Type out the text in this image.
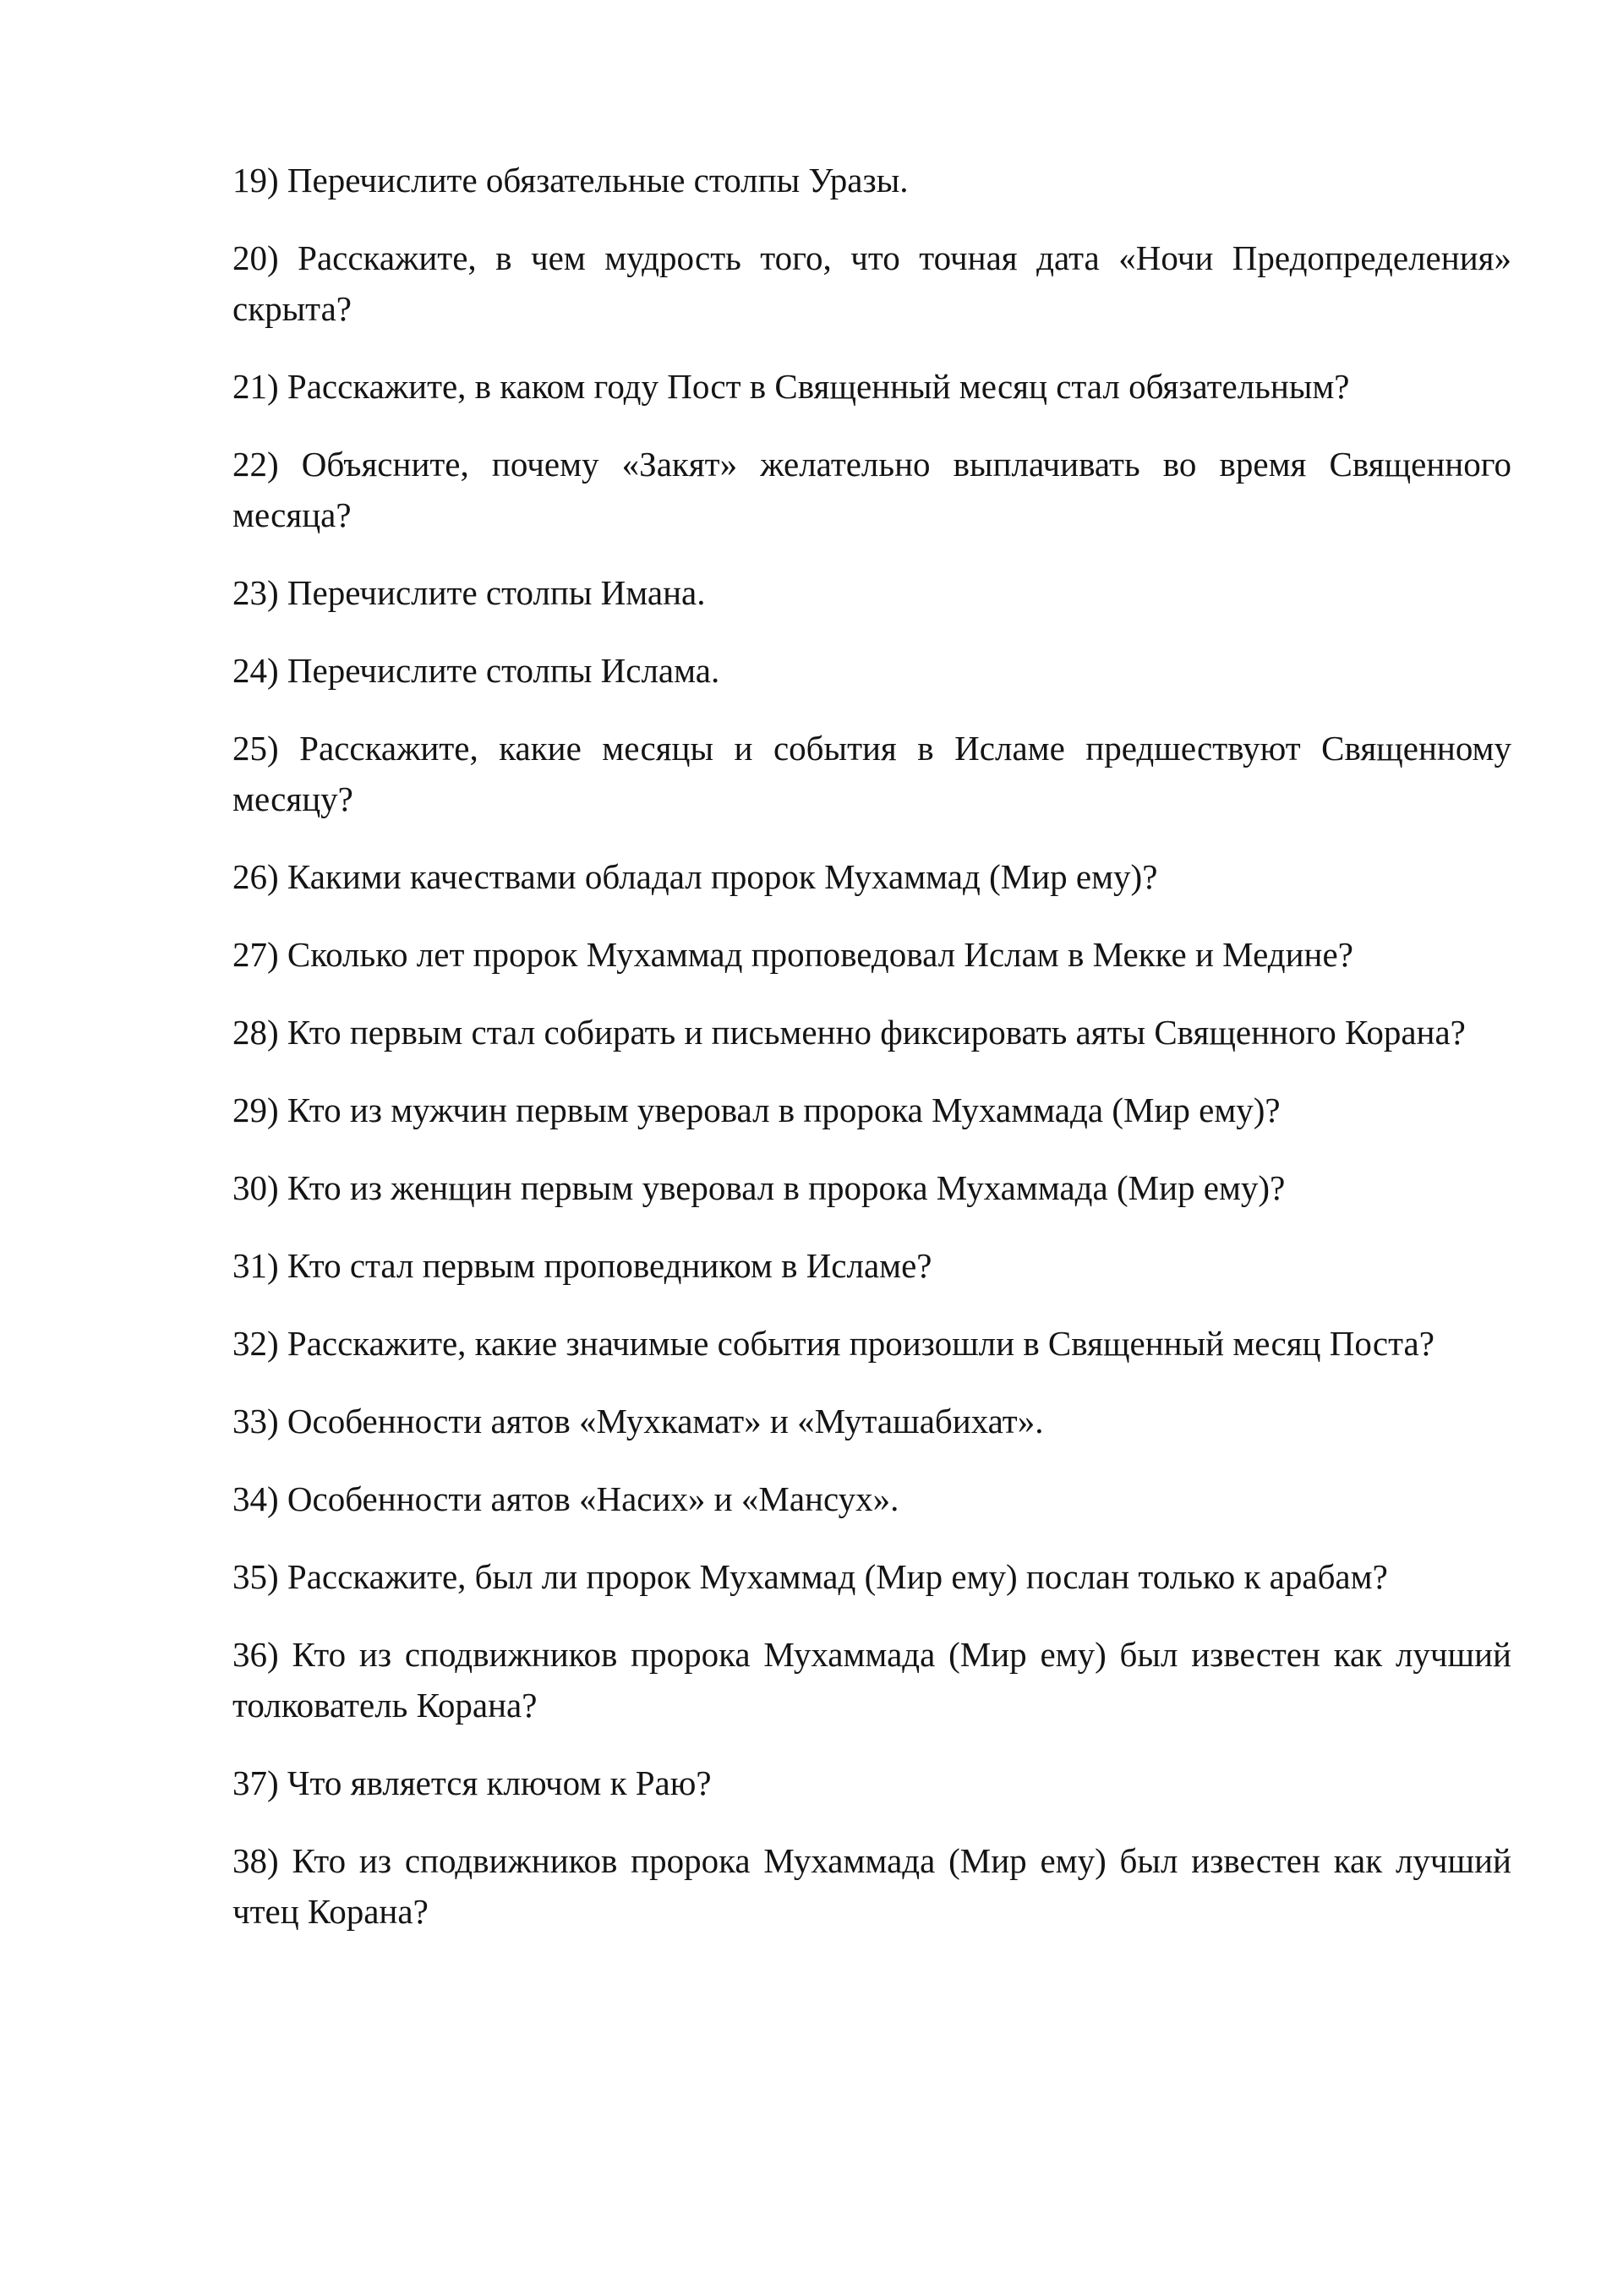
19) Перечислите обязательные столпы Уразы.
20) Расскажите, в чем мудрость того, что точная дата «Ночи Предопределения» скрыта?
21) Расскажите, в каком году Пост в Священный месяц стал обязательным?
22) Объясните, почему «Закят» желательно выплачивать во время Священного месяца?
23) Перечислите столпы Имана.
24) Перечислите столпы Ислама.
25) Расскажите, какие месяцы и события в Исламе предшествуют Священному месяцу?
26) Какими качествами обладал пророк Мухаммад (Мир ему)?
27) Сколько лет пророк Мухаммад проповедовал Ислам в Мекке и Медине?
28) Кто первым стал собирать и письменно фиксировать аяты Священного Корана?
29) Кто из мужчин первым уверовал в пророка Мухаммада (Мир ему)?
30) Кто из женщин первым уверовал в пророка Мухаммада (Мир ему)?
31) Кто стал первым проповедником в Исламе?
32) Расскажите, какие значимые события произошли в Священный месяц Поста?
33) Особенности аятов «Мухкамат» и «Муташабихат».
34) Особенности аятов «Насих» и «Мансух».
35) Расскажите, был ли пророк Мухаммад (Мир ему) послан только к арабам?
36) Кто из сподвижников пророка Мухаммада (Мир ему) был известен как лучший толкователь Корана?
37) Что является ключом к Раю?
38) Кто из сподвижников пророка Мухаммада (Мир ему) был известен как лучший чтец Корана?
